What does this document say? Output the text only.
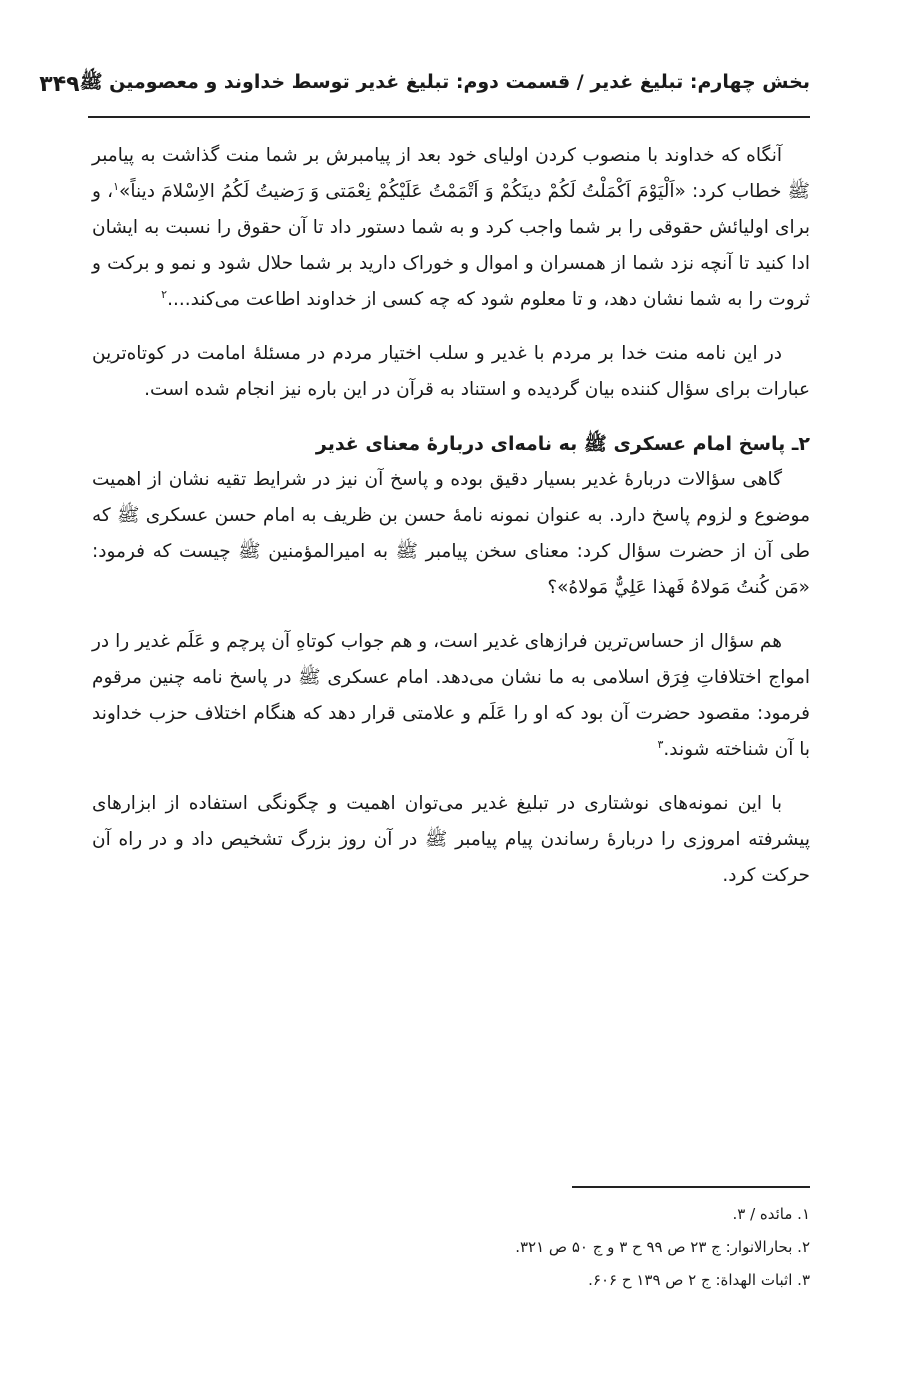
بخش چهارم: تبلیغ غدیر / قسمت دوم: تبلیغ غدیر توسط خداوند و معصومین ﷺ
۳۴۹

آنگاه که خداوند با منصوب کردن اولیای خود بعد از پیامبرش بر شما منت گذاشت به پیامبر ﷺ خطاب کرد: «اَلْيَوْمَ اَكْمَلْتُ لَكُمْ دينَكُمْ وَ اَتْمَمْتُ عَلَيْكُمْ نِعْمَتى وَ رَضيتُ لَكُمُ الاِسْلامَ ديناً»$^۱$، و برای اولیائش حقوقی را بر شما واجب کرد و به شما دستور داد تا آن حقوق را نسبت به ایشان ادا کنید تا آنچه نزد شما از همسران و اموال و خوراک دارید بر شما حلال شود و نمو و برکت و ثروت را به شما نشان دهد، و تا معلوم شود که چه کسی از خداوند اطاعت می‌کند....$^۲$

در این نامه منت خدا بر مردم با غدیر و سلب اختیار مردم در مسئلهٔ امامت در کوتاه‌ترین عبارات برای سؤال کننده بیان گردیده و استناد به قرآن در این باره نیز انجام شده است.

۲ـ پاسخ امام عسکری ﷺ به نامه‌ای دربارهٔ معنای غدیر

گاهی سؤالات دربارهٔ غدیر بسیار دقیق بوده و پاسخ آن نیز در شرایط تقیه نشان از اهمیت موضوع و لزوم پاسخ دارد. به عنوان نمونه نامهٔ حسن بن ظریف به امام حسن عسکری ﷺ که طی آن از حضرت سؤال کرد: معنای سخن پیامبر ﷺ به امیرالمؤمنین ﷺ چیست که فرمود: «مَن كُنتُ مَولاهُ فَهذا عَلِيٌّ مَولاهُ»؟

هم سؤال از حساس‌ترین فرازهای غدیر است، و هم جواب کوتاهِ آن پرچم و عَلَم غدیر را در امواج اختلافاتِ فِرَق اسلامی به ما نشان می‌دهد. امام عسکری ﷺ در پاسخ نامه چنین مرقوم فرمود: مقصود حضرت آن بود که او را عَلَم و علامتی قرار دهد که هنگام اختلاف حزب خداوند با آن شناخته شوند.$^۳$

با این نمونه‌های نوشتاری در تبلیغ غدیر می‌توان اهمیت و چگونگی استفاده از ابزارهای پیشرفته امروزی را دربارهٔ رساندن پیام پیامبر ﷺ در آن روز بزرگ تشخیص داد و در راه آن حرکت کرد.

۱. مائده / ۳.

۲. بحارالانوار: ج ۲۳ ص ۹۹ ح ۳ و ج ۵۰ ص ۳۲۱.

۳. اثبات الهداة: ج ۲ ص ۱۳۹ ح ۶۰۶.
